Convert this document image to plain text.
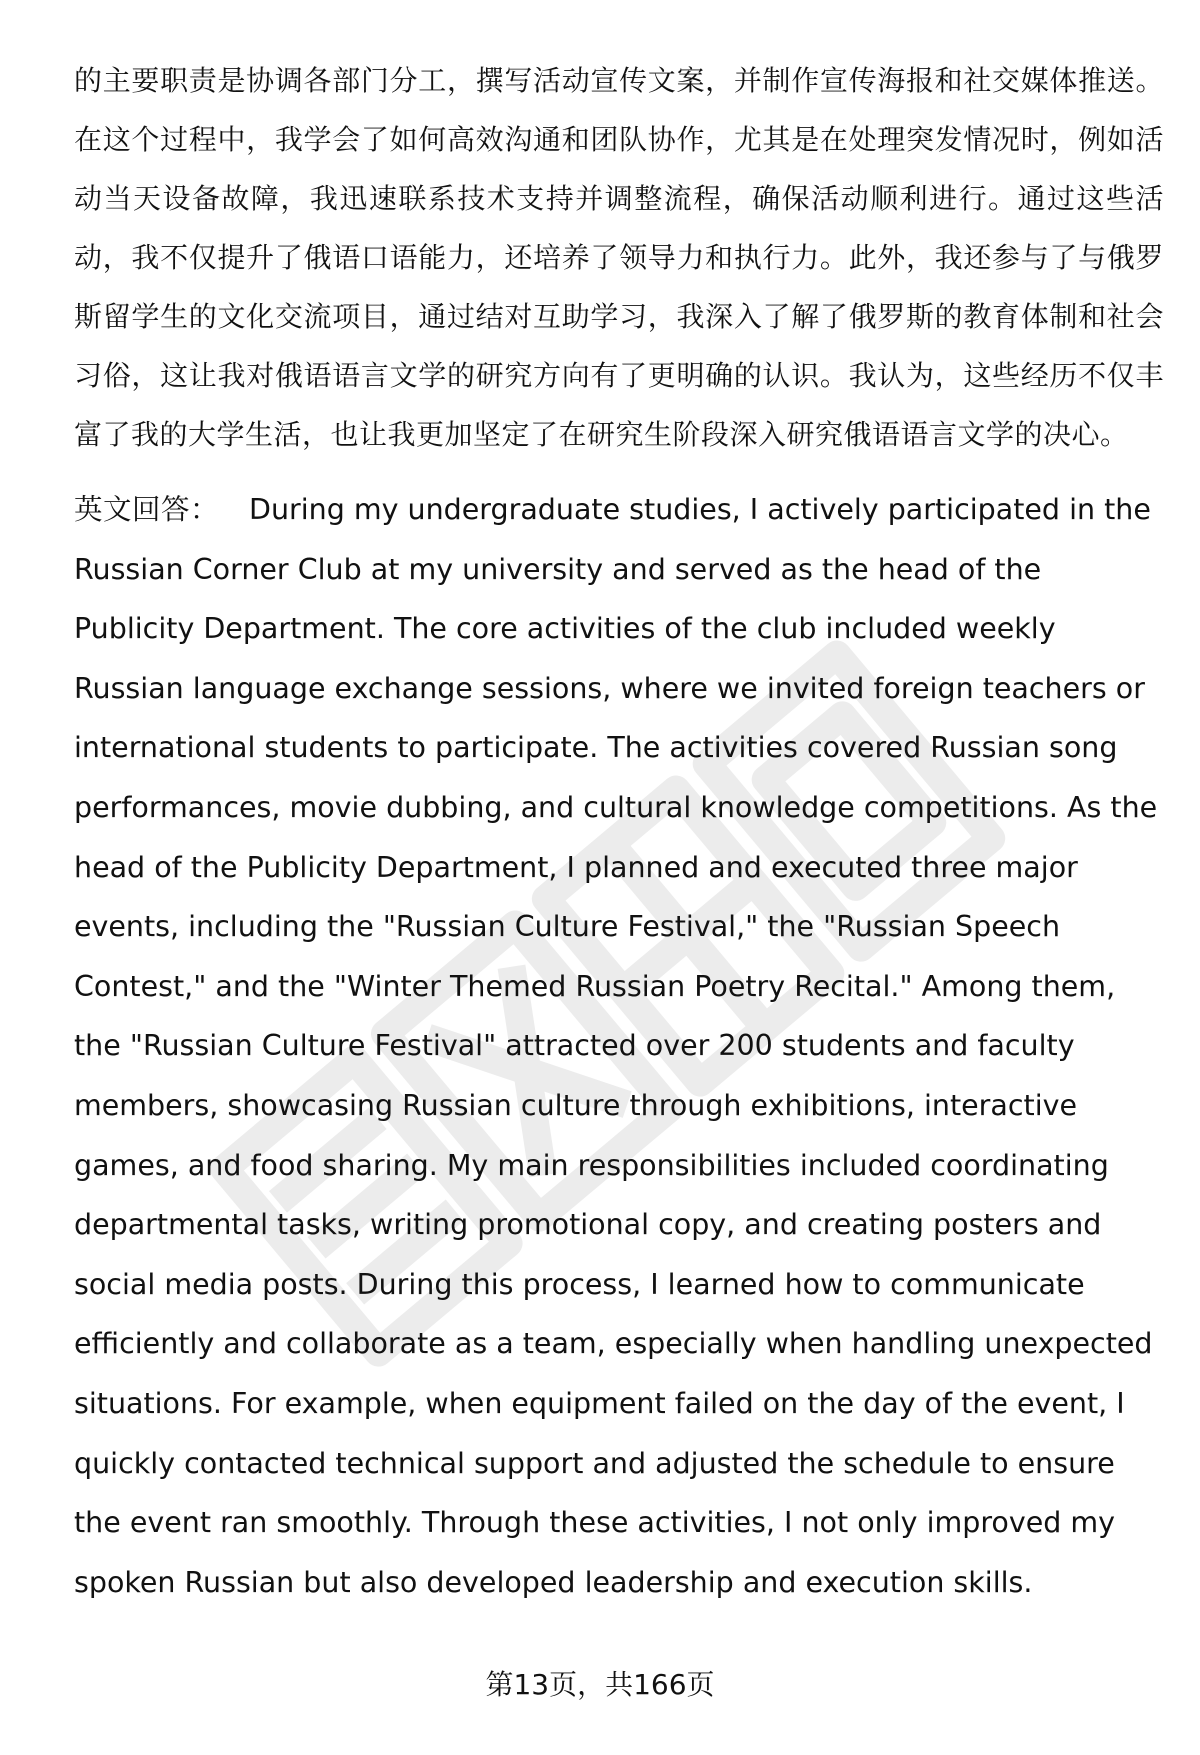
的主要职责是协调各部门分工，撰写活动宣传文案，并制作宣传海报和社交媒体推送。在这个过程中，我学会了如何高效沟通和团队协作，尤其是在处理突发情况时，例如活动当天设备故障，我迅速联系技术支持并调整流程，确保活动顺利进行。通过这些活动，我不仅提升了俄语口语能力，还培养了领导力和执行力。此外，我还参与了与俄罗斯留学生的文化交流项目，通过结对互助学习，我深入了解了俄罗斯的教育体制和社会习俗，这让我对俄语语言文学的研究方向有了更明确的认识。我认为，这些经历不仅丰富了我的大学生活，也让我更加坚定了在研究生阶段深入研究俄语语言文学的决心。

英文回答： During my undergraduate studies, I actively participated in the Russian Corner Club at my university and served as the head of the Publicity Department. The core activities of the club included weekly Russian language exchange sessions, where we invited foreign teachers or international students to participate. The activities covered Russian song performances, movie dubbing, and cultural knowledge competitions. As the head of the Publicity Department, I planned and executed three major events, including the "Russian Culture Festival," the "Russian Speech Contest," and the "Winter Themed Russian Poetry Recital." Among them, the "Russian Culture Festival" attracted over 200 students and faculty members, showcasing Russian culture through exhibitions, interactive games, and food sharing. My main responsibilities included coordinating departmental tasks, writing promotional copy, and creating posters and social media posts. During this process, I learned how to communicate efficiently and collaborate as a team, especially when handling unexpected situations. For example, when equipment failed on the day of the event, I quickly contacted technical support and adjusted the schedule to ensure the event ran smoothly. Through these activities, I not only improved my spoken Russian but also developed leadership and execution skills.

第13页，共166页
